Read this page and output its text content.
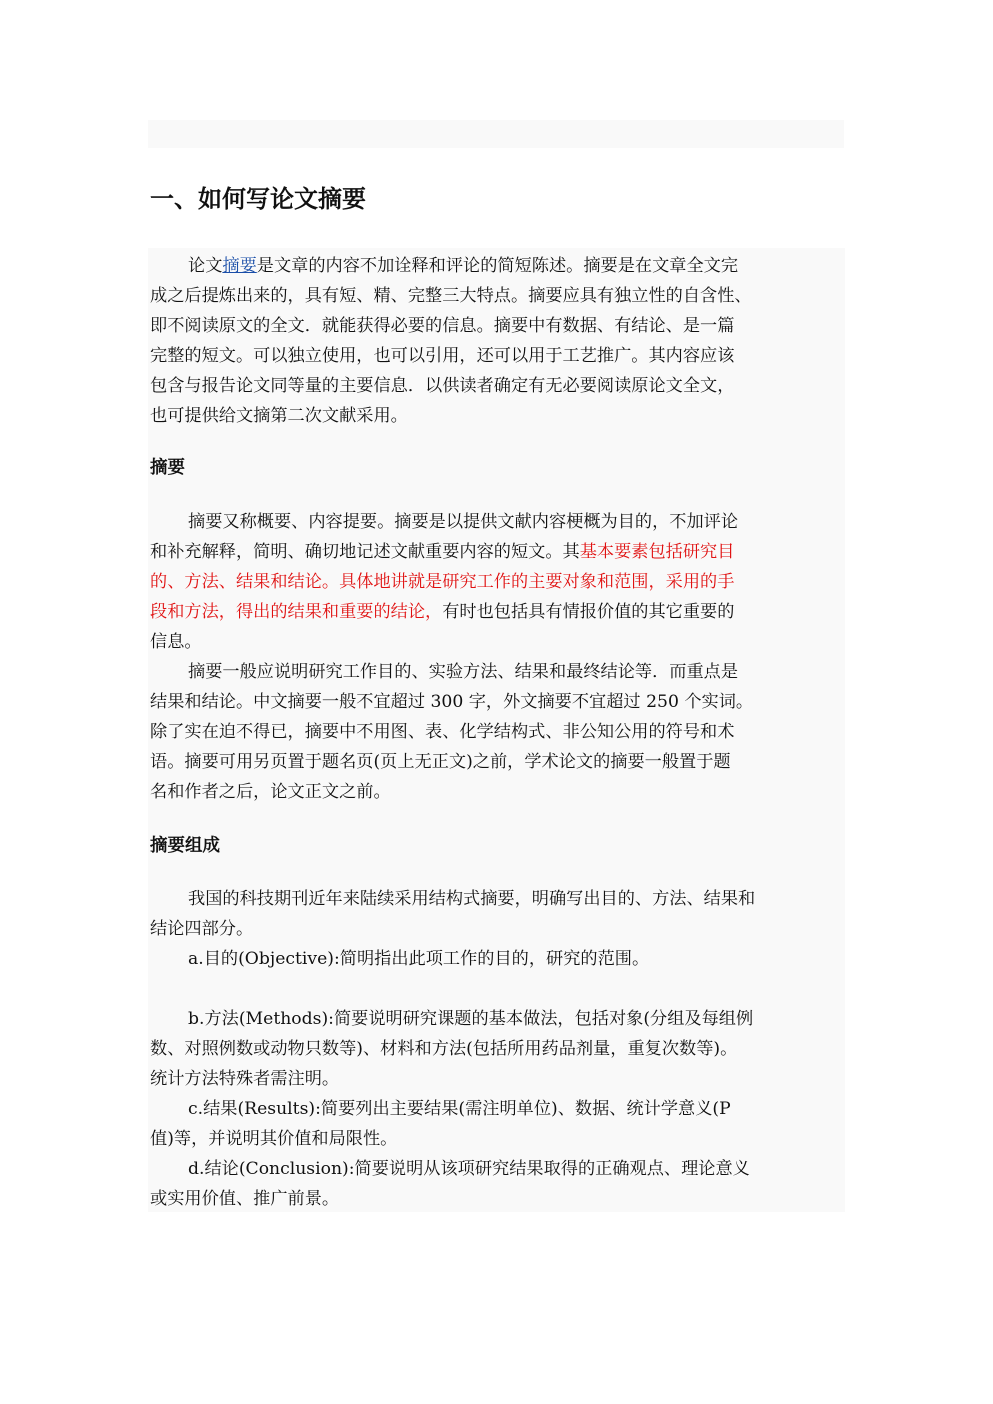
一、如何写论文摘要
论文摘要是文章的内容不加诠释和评论的简短陈述。摘要是在文章全文完
成之后提炼出来的，具有短、精、完整三大特点。摘要应具有独立性的自含性、
即不阅读原文的全文．就能获得必要的信息。摘要中有数据、有结论、是一篇
完整的短文。可以独立使用，也可以引用，还可以用于工艺推广。其内容应该
包含与报告论文同等量的主要信息．以供读者确定有无必要阅读原论文全文，
也可提供给文摘第二次文献采用。
摘要
摘要又称概要、内容提要。摘要是以提供文献内容梗概为目的，不加评论
和补充解释，简明、确切地记述文献重要内容的短文。其基本要素包括研究目
的、方法、结果和结论。具体地讲就是研究工作的主要对象和范围，采用的手
段和方法，得出的结果和重要的结论，有时也包括具有情报价值的其它重要的
信息。
摘要一般应说明研究工作目的、实验方法、结果和最终结论等．而重点是
结果和结论。中文摘要一般不宜超过 300 字，外文摘要不宜超过 250 个实词。
除了实在迫不得已，摘要中不用图、表、化学结构式、非公知公用的符号和术
语。摘要可用另页置于题名页(页上无正文)之前，学术论文的摘要一般置于题
名和作者之后，论文正文之前。
摘要组成
我国的科技期刊近年来陆续采用结构式摘要，明确写出目的、方法、结果和
结论四部分。
a.目的(Objective):简明指出此项工作的目的，研究的范围。
b.方法(Methods):简要说明研究课题的基本做法，包括对象(分组及每组例
数、对照例数或动物只数等)、材料和方法(包括所用药品剂量，重复次数等)。
统计方法特殊者需注明。
c.结果(Results):简要列出主要结果(需注明单位)、数据、统计学意义(P
值)等，并说明其价值和局限性。
d.结论(Conclusion):简要说明从该项研究结果取得的正确观点、理论意义
或实用价值、推广前景。
